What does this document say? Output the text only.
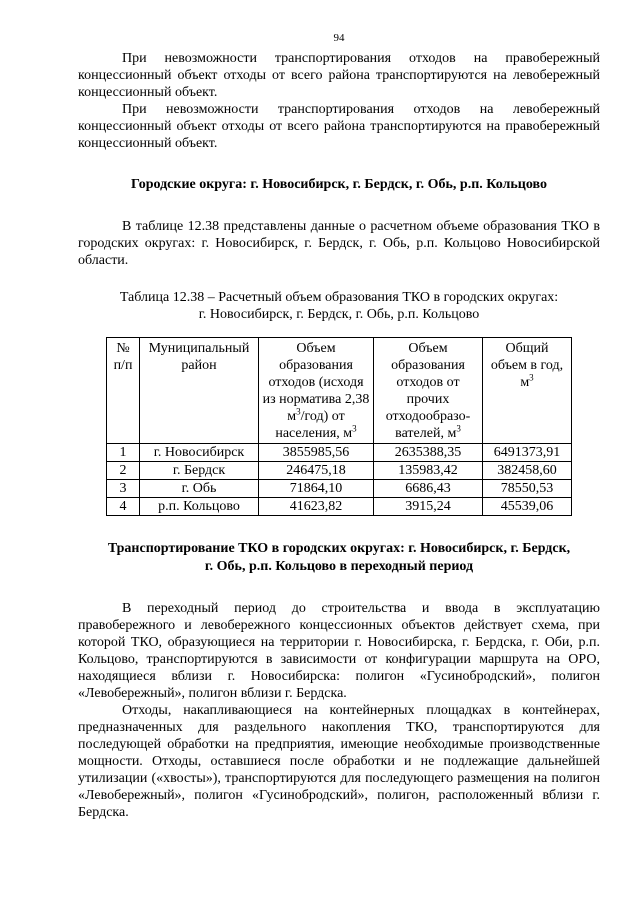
94

При невозможности транспортирования отходов на правобережный концессионный объект отходы от всего района транспортируются на левобережный концессионный объект.

При невозможности транспортирования отходов на левобережный концессионный объект отходы от всего района транспортируются на правобережный концессионный объект.

Городские округа: г. Новосибирск, г. Бердск, г. Обь, р.п. Кольцово

В таблице 12.38 представлены данные о расчетном объеме образования ТКО в городских округах: г. Новосибирск, г. Бердск, г. Обь, р.п. Кольцово Новосибирской области.

Таблица 12.38 – Расчетный объем образования ТКО в городских округах:

г. Новосибирск, г. Бердск, г. Обь, р.п. Кольцово

№
п/п	Муниципальный район	Объем образования отходов (исходя из норматива 2,38 $м^3/год$) от населения, $м^3$	Объем образования отходов от прочих отходообразо- вателей, $м^3$	Общий объем в год, $м^3$
1	г. Новосибирск	3855985,56	2635388,35	6491373,91
2	г. Бердск	246475,18	135983,42	382458,60
3	г. Обь	71864,10	6686,43	78550,53
4	р.п. Кольцово	41623,82	3915,24	45539,06

Транспортирование ТКО в городских округах: г. Новосибирск, г. Бердск,

г. Обь, р.п. Кольцово в переходный период

В переходный период до строительства и ввода в эксплуатацию правобережного и левобережного концессионных объектов действует схема, при которой ТКО, образующиеся на территории г. Новосибирска, г. Бердска, г. Оби, р.п. Кольцово, транспортируются в зависимости от конфигурации маршрута на ОРО, находящиеся вблизи г. Новосибирска: полигон «Гусинобродский», полигон «Левобережный», полигон вблизи г. Бердска.

Отходы, накапливающиеся на контейнерных площадках в контейнерах, предназначенных для раздельного накопления ТКО, транспортируются для последующей обработки на предприятия, имеющие необходимые производственные мощности. Отходы, оставшиеся после обработки и не подлежащие дальнейшей утилизации («хвосты»), транспортируются для последующего размещения на полигон «Левобережный», полигон «Гусинобродский», полигон, расположенный вблизи г. Бердска.
